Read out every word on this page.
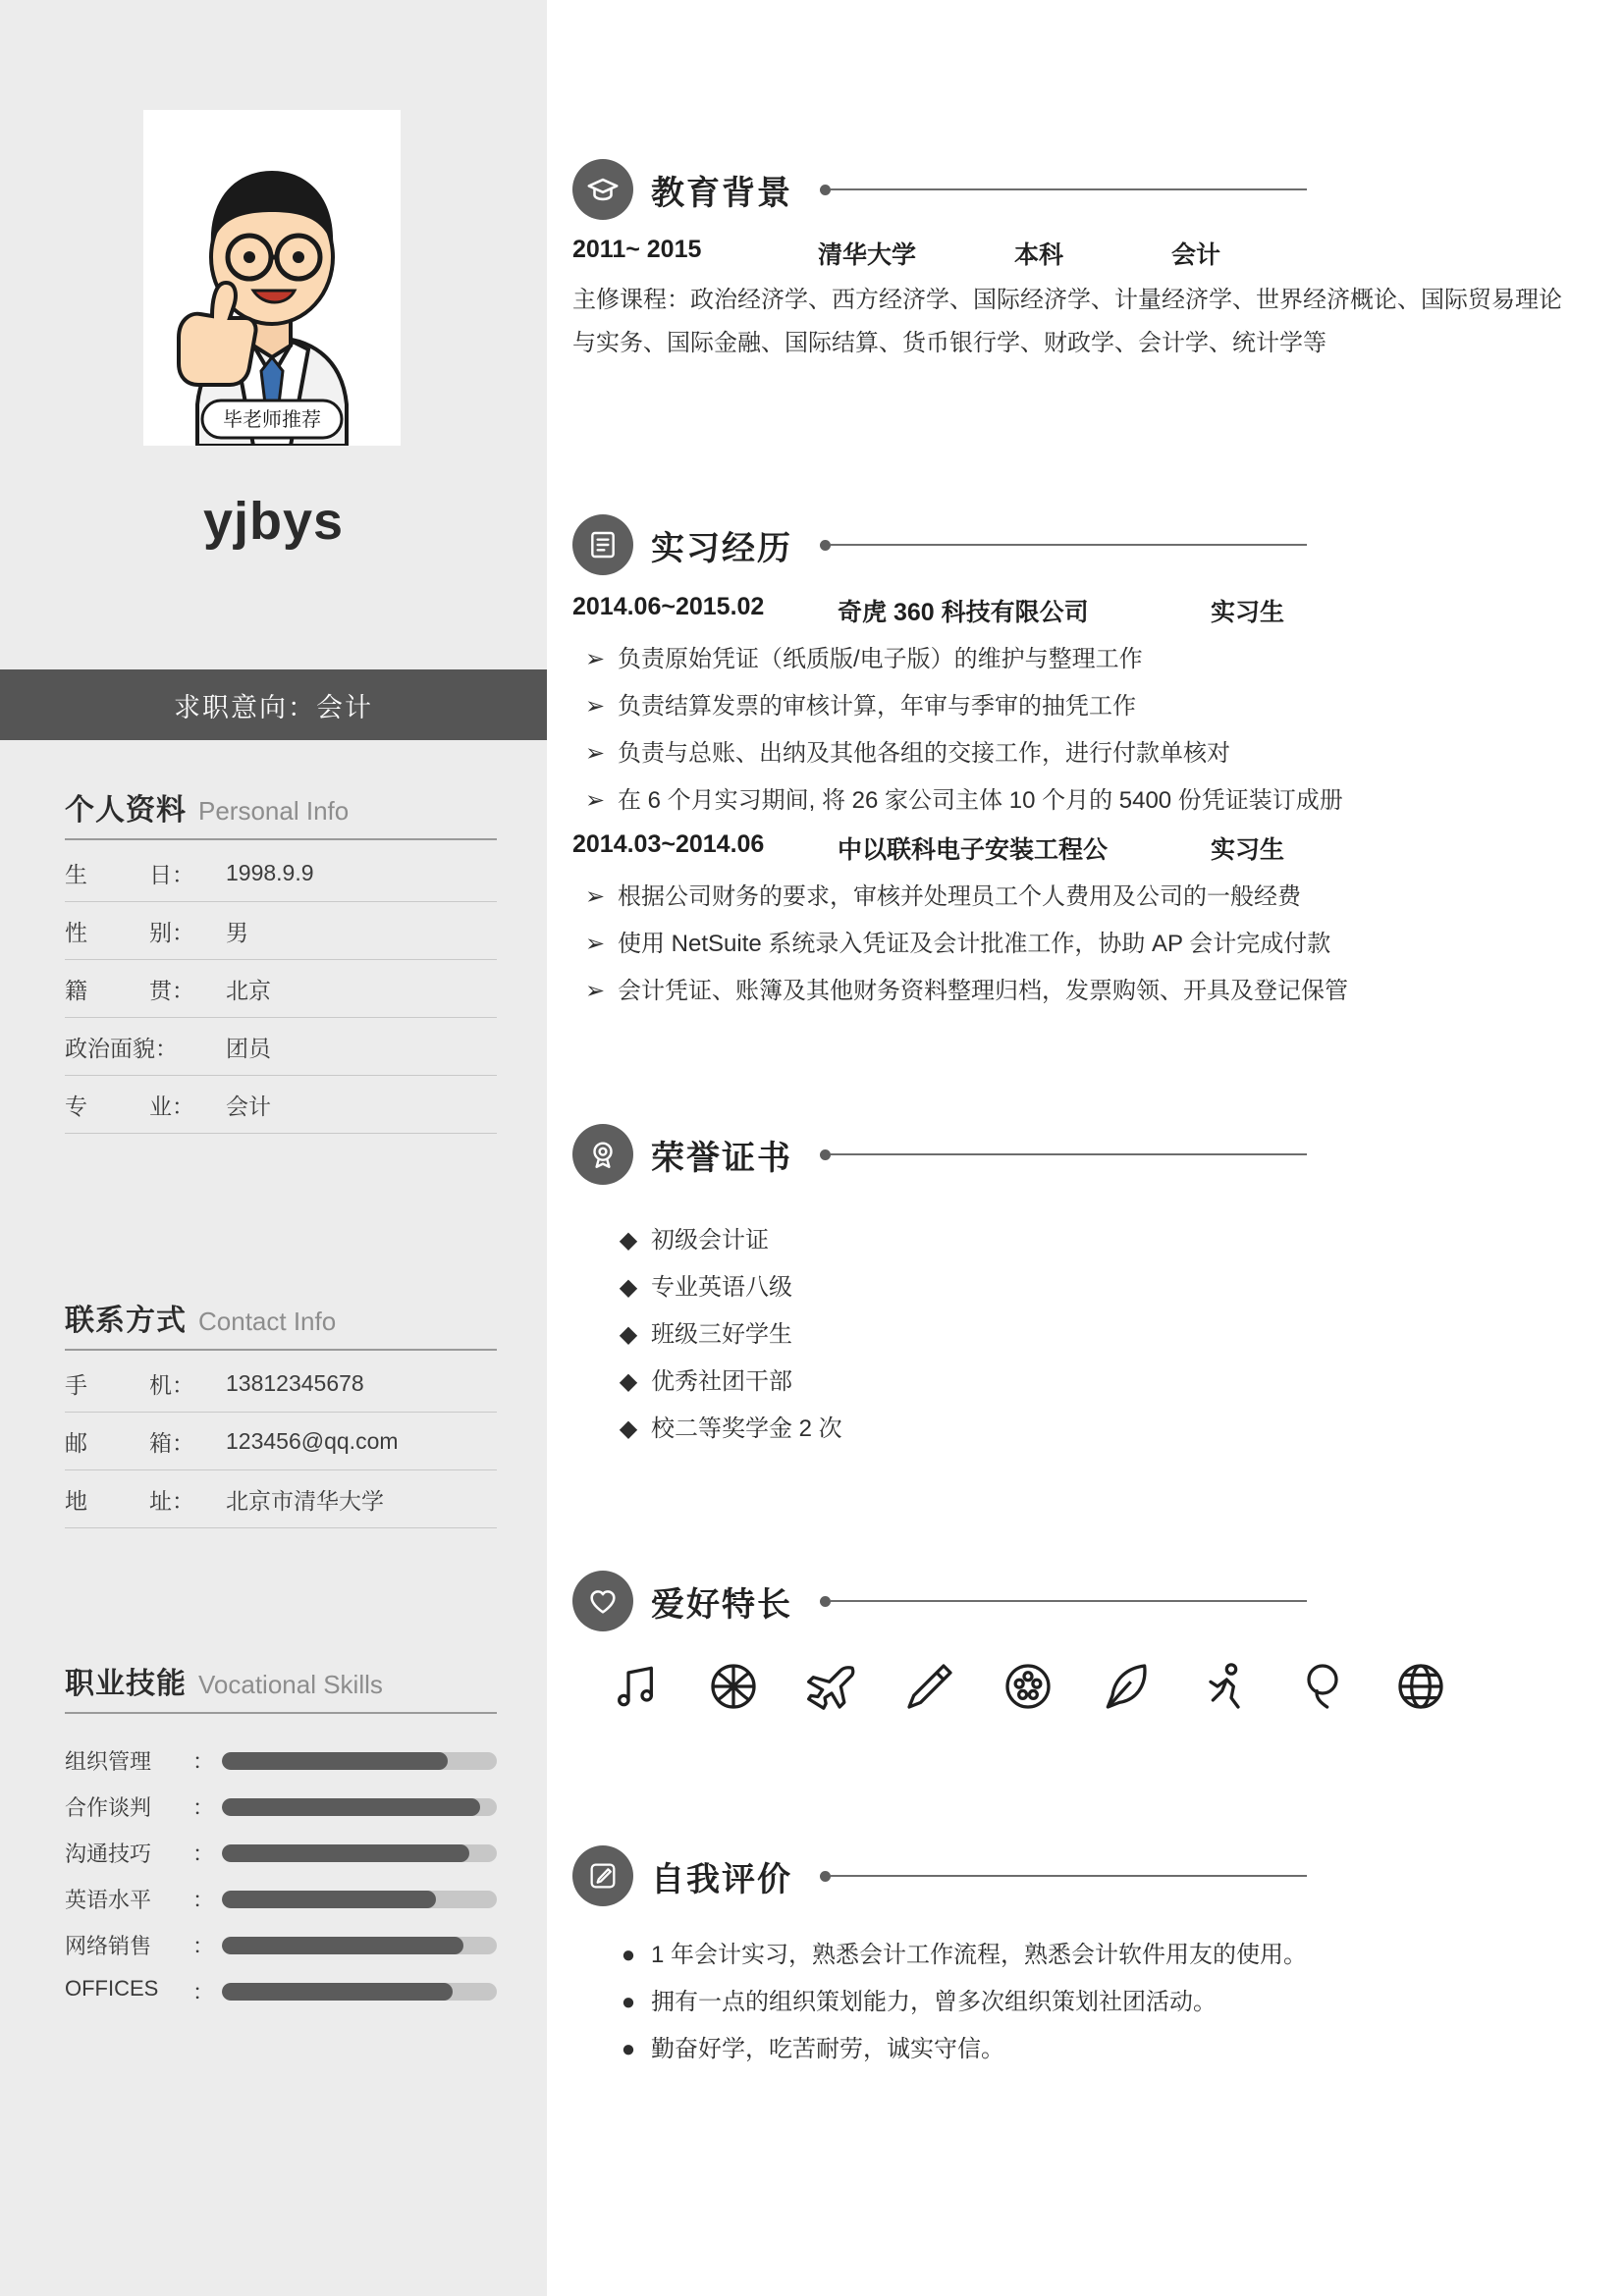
毕老师推荐
yjbys
求职意向：会计
个人资料 Personal Info
生	日：	1998.9.9
性	别：	男
籍	贯：	北京
政治面貌：	团员
专	业：	会计
联系方式 Contact Info
手	机：	13812345678
邮	箱：	123456@qq.com
地	址：	北京市清华大学
职业技能 Vocational Skills
组织管理 ：
合作谈判 ：
沟通技巧 ：
英语水平 ：
网络销售 ：
OFFICES ：
教育背景
2011~ 2015	清华大学	本科	会计
主修课程：政治经济学、西方经济学、国际经济学、计量经济学、世界经济概论、国际贸易理论与实务、国际金融、国际结算、货币银行学、财政学、会计学、统计学等
实习经历
2014.06~2015.02	奇虎 360 科技有限公司	实习生
➢ 负责原始凭证（纸质版/电子版）的维护与整理工作
➢ 负责结算发票的审核计算，年审与季审的抽凭工作
➢ 负责与总账、出纳及其他各组的交接工作，进行付款单核对
➢ 在 6 个月实习期间, 将 26 家公司主体 10 个月的 5400 份凭证装订成册
2014.03~2014.06	中以联科电子安装工程公	实习生
➢ 根据公司财务的要求，审核并处理员工个人费用及公司的一般经费
➢ 使用 NetSuite 系统录入凭证及会计批准工作，协助 AP 会计完成付款
➢ 会计凭证、账簿及其他财务资料整理归档，发票购领、开具及登记保管
荣誉证书
◆ 初级会计证
◆ 专业英语八级
◆ 班级三好学生
◆ 优秀社团干部
◆ 校二等奖学金 2 次
爱好特长
自我评价
● 1 年会计实习，熟悉会计工作流程，熟悉会计软件用友的使用。
● 拥有一点的组织策划能力，曾多次组织策划社团活动。
● 勤奋好学，吃苦耐劳，诚实守信。
